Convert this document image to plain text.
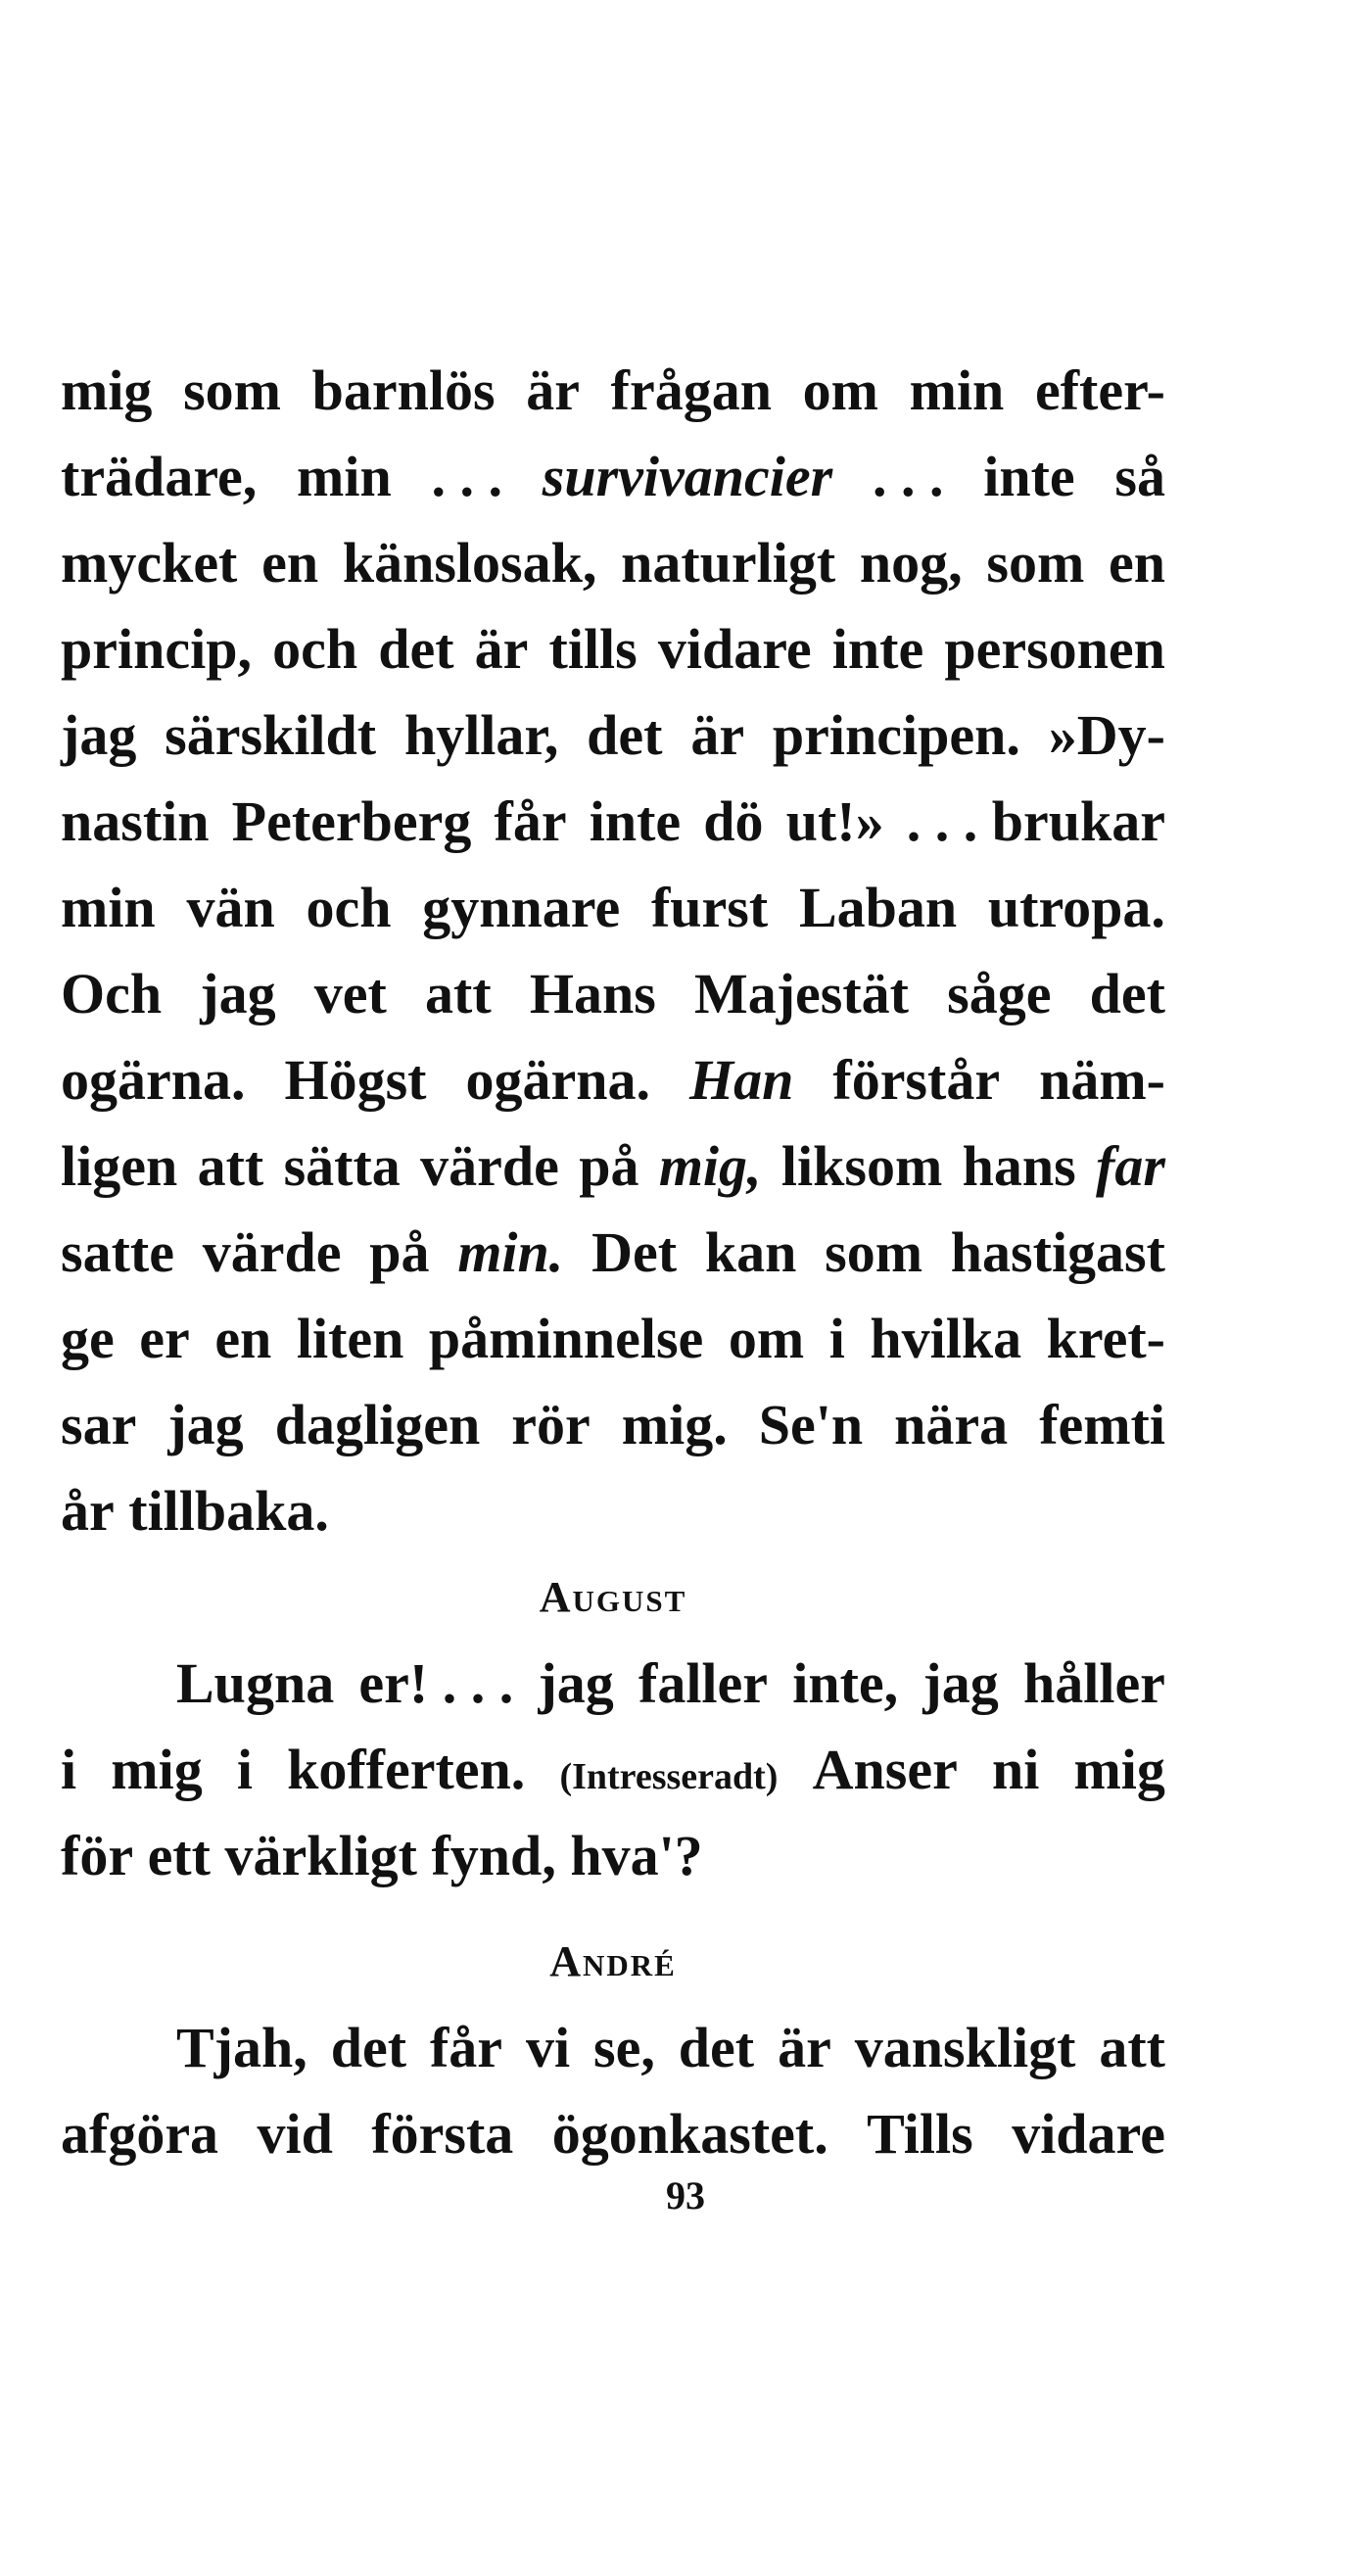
mig som barnlös är frågan om min efter-
trädare, min . . . survivancier . . . inte så
mycket en känslosak, naturligt nog, som en
princip, och det är tills vidare inte personen
jag särskildt hyllar, det är principen. »Dy-
nastin Peterberg får inte dö ut!» . . . brukar
min vän och gynnare furst Laban utropa.
Och jag vet att Hans Majestät såge det
ogärna. Högst ogärna. Han förstår näm-
ligen att sätta värde på mig, liksom hans far
satte värde på min. Det kan som hastigast
ge er en liten påminnelse om i hvilka kret-
sar jag dagligen rör mig. Se'n nära femti
år
tillbaka.
August
Lugna er! . . . jag faller inte, jag håller
i mig i kofferten. (Intresseradt) Anser ni mig
för
ett
värkligt
fynd,
hva'?
André
Tjah, det får vi se, det är vanskligt att
afgöra vid första ögonkastet. Tills vidare
93
